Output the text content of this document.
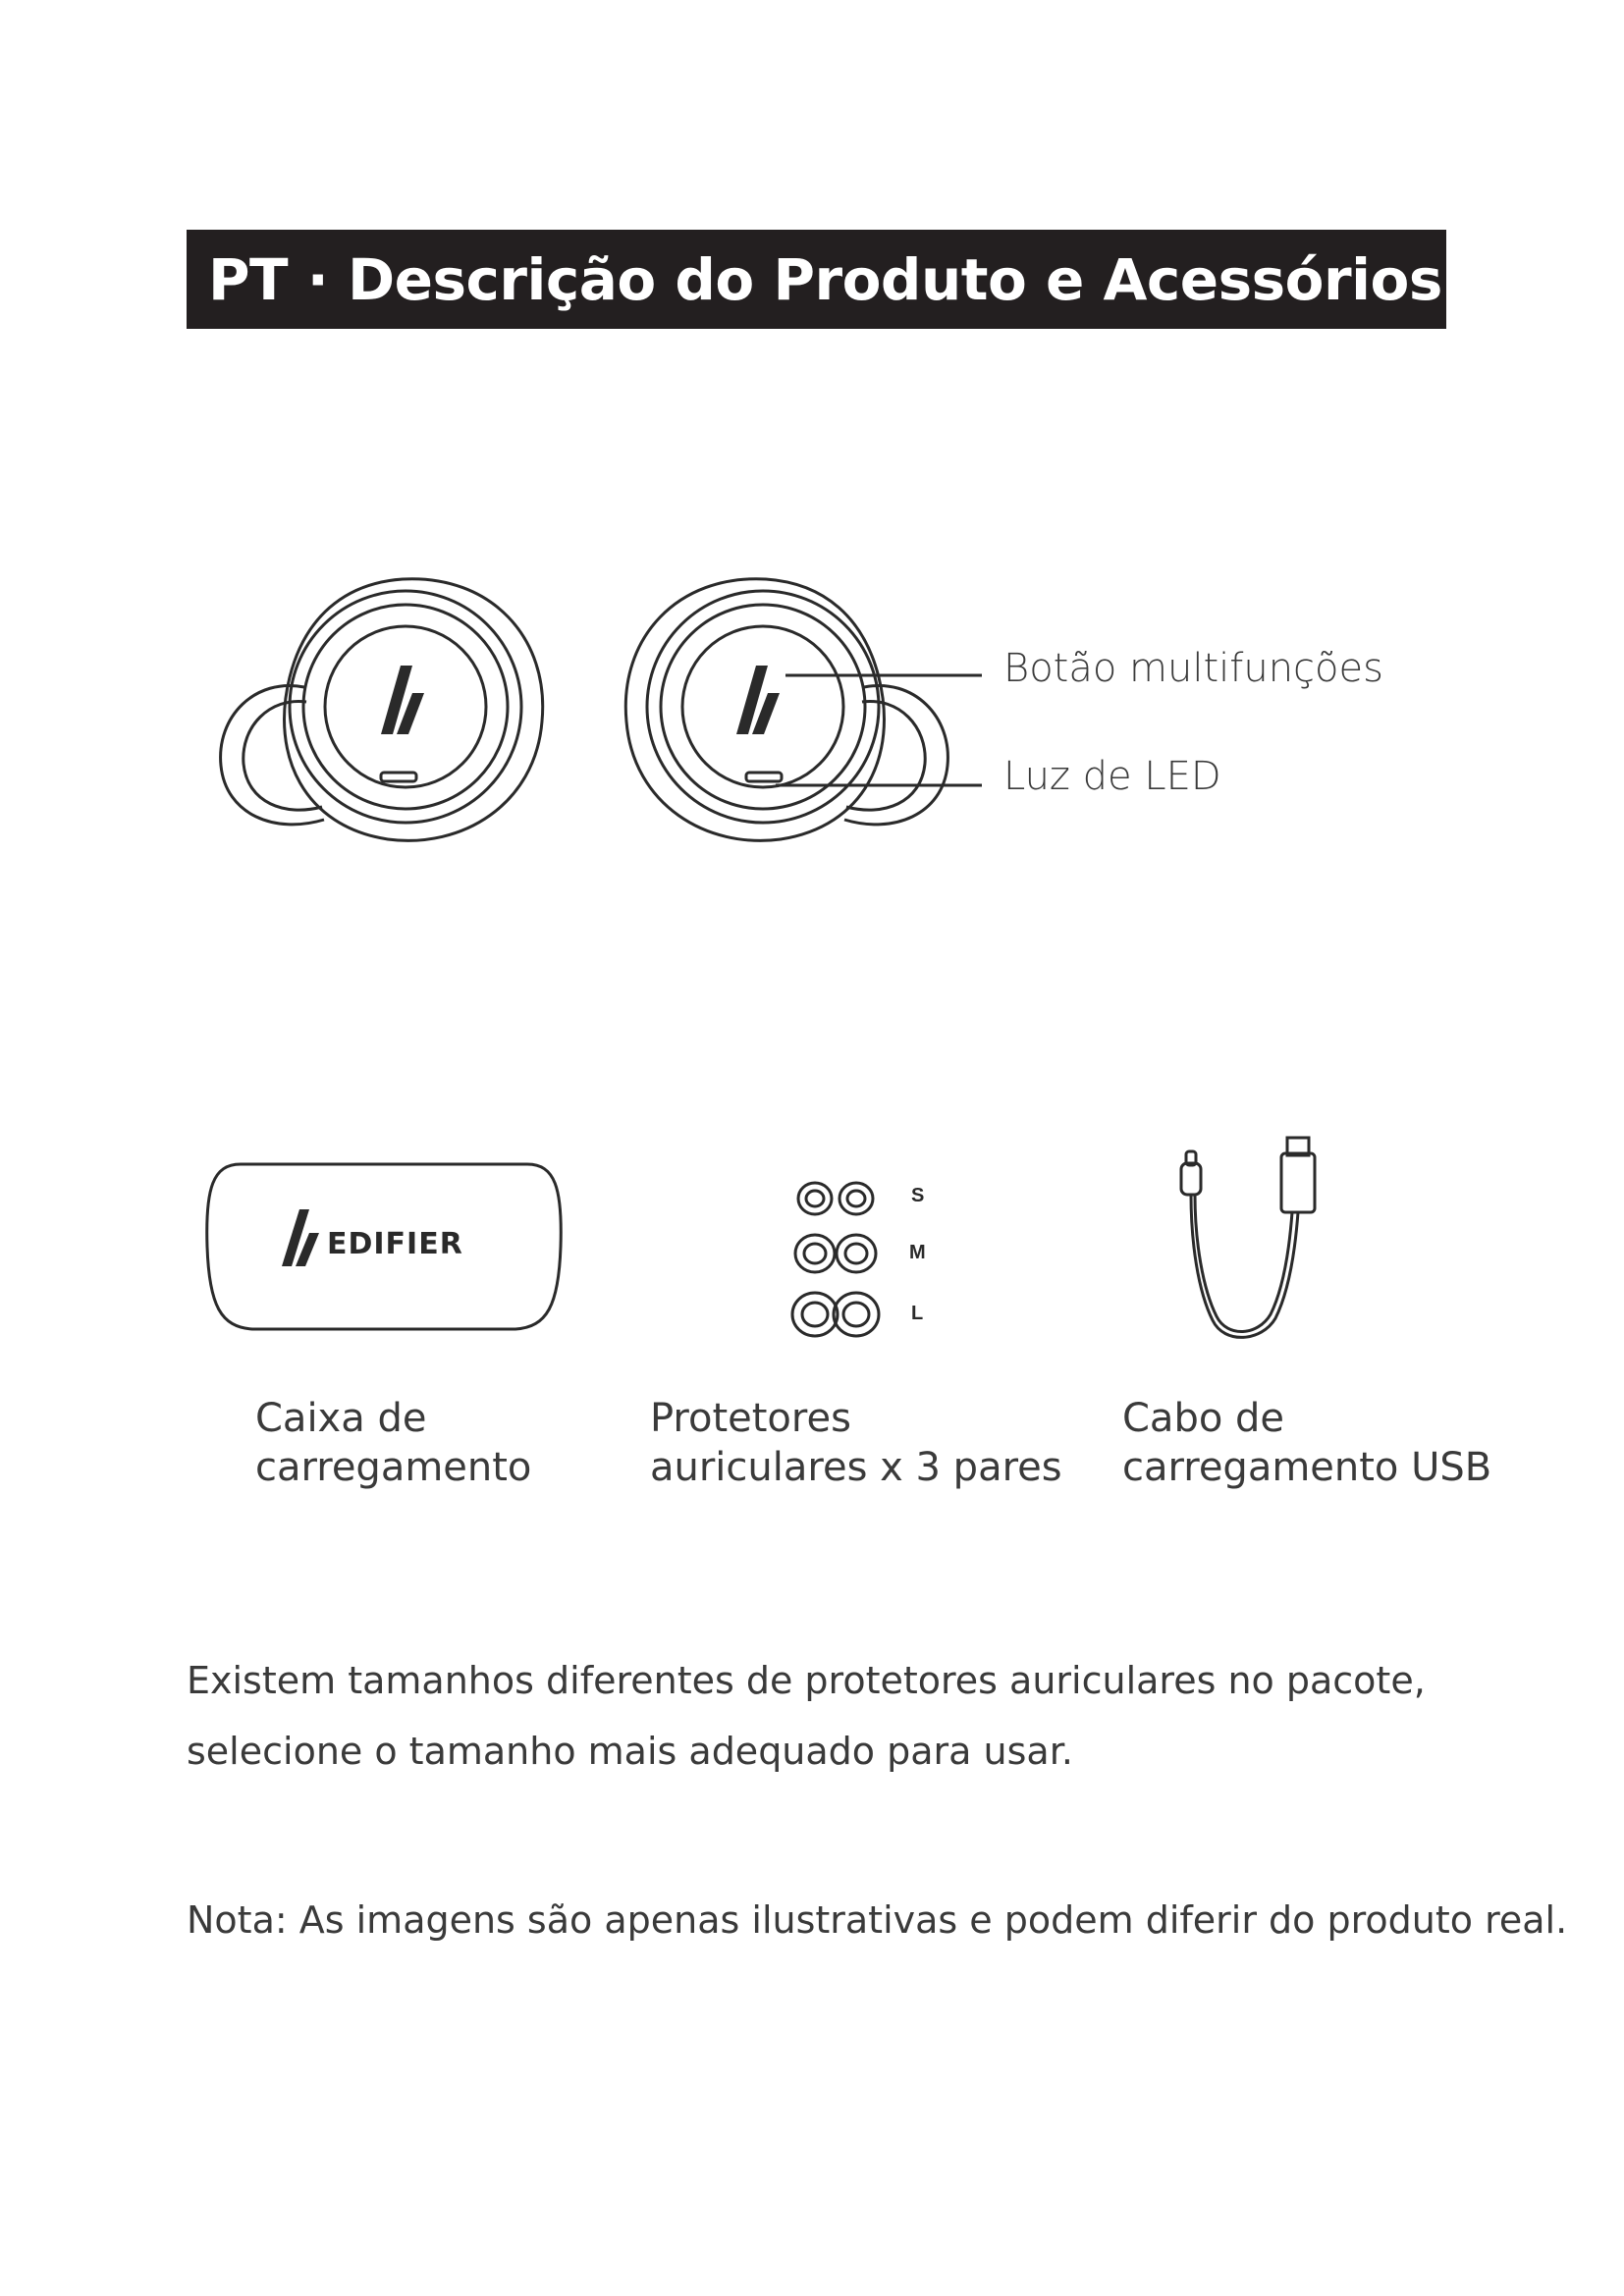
PT · Descrição do Produto e Acessórios
Botão multifunções
Luz de LED
EDIFIER
S
M
L
Caixa de
carregamento
Protetores
auriculares x 3 pares
Cabo de
carregamento USB
Existem tamanhos diferentes de protetores auriculares no pacote,
selecione o tamanho mais adequado para usar.
Nota: As imagens são apenas ilustrativas e podem diferir do produto real.
